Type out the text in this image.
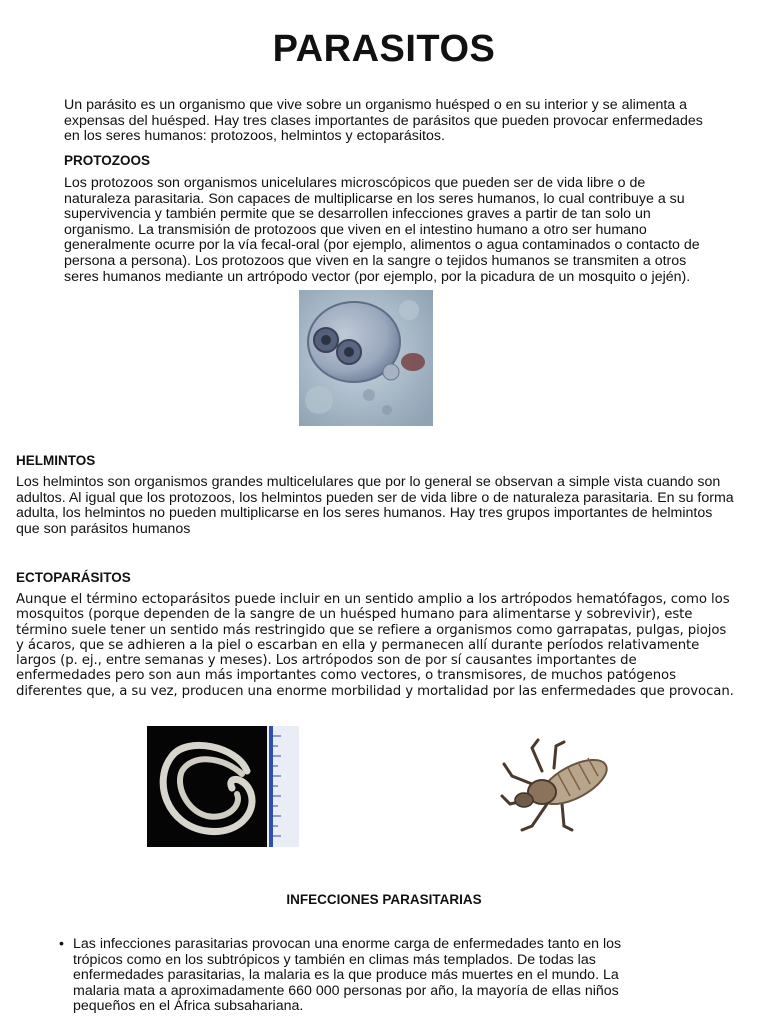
PARASITOS

Un parásito es un organismo que vive sobre un organismo huésped o en su interior y se alimenta a expensas del huésped. Hay tres clases importantes de parásitos que pueden provocar enfermedades en los seres humanos: protozoos, helmintos y ectoparásitos.

PROTOZOOS

Los protozoos son organismos unicelulares microscópicos que pueden ser de vida libre o de naturaleza parasitaria. Son capaces de multiplicarse en los seres humanos, lo cual contribuye a su supervivencia y también permite que se desarrollen infecciones graves a partir de tan solo un organismo. La transmisión de protozoos que viven en el intestino humano a otro ser humano generalmente ocurre por la vía fecal-oral (por ejemplo, alimentos o agua contaminados o contacto de persona a persona). Los protozoos que viven en la sangre o tejidos humanos se transmiten a otros seres humanos mediante un artrópodo vector (por ejemplo, por la picadura de un mosquito o jején).

HELMINTOS

Los helmintos son organismos grandes multicelulares que por lo general se observan a simple vista cuando son adultos. Al igual que los protozoos, los helmintos pueden ser de vida libre o de naturaleza parasitaria. En su forma adulta, los helmintos no pueden multiplicarse en los seres humanos. Hay tres grupos importantes de helmintos que son parásitos humanos

ECTOPARÁSITOS

Aunque el término ectoparásitos puede incluir en un sentido amplio a los artrópodos hematófagos, como los mosquitos (porque dependen de la sangre de un huésped humano para alimentarse y sobrevivir), este término suele tener un sentido más restringido que se refiere a organismos como garrapatas, pulgas, piojos y ácaros, que se adhieren a la piel o escarban en ella y permanecen allí durante períodos relativamente largos (p. ej., entre semanas y meses). Los artrópodos son de por sí causantes importantes de enfermedades pero son aun más importantes como vectores, o transmisores, de muchos patógenos diferentes que, a su vez, producen una enorme morbilidad y mortalidad por las enfermedades que provocan.

INFECCIONES PARASITARIAS

• Las infecciones parasitarias provocan una enorme carga de enfermedades tanto en los trópicos como en los subtrópicos y también en climas más templados. De todas las enfermedades parasitarias, la malaria es la que produce más muertes en el mundo. La malaria mata a aproximadamente 660 000 personas por año, la mayoría de ellas niños pequeños en el África subsahariana.
